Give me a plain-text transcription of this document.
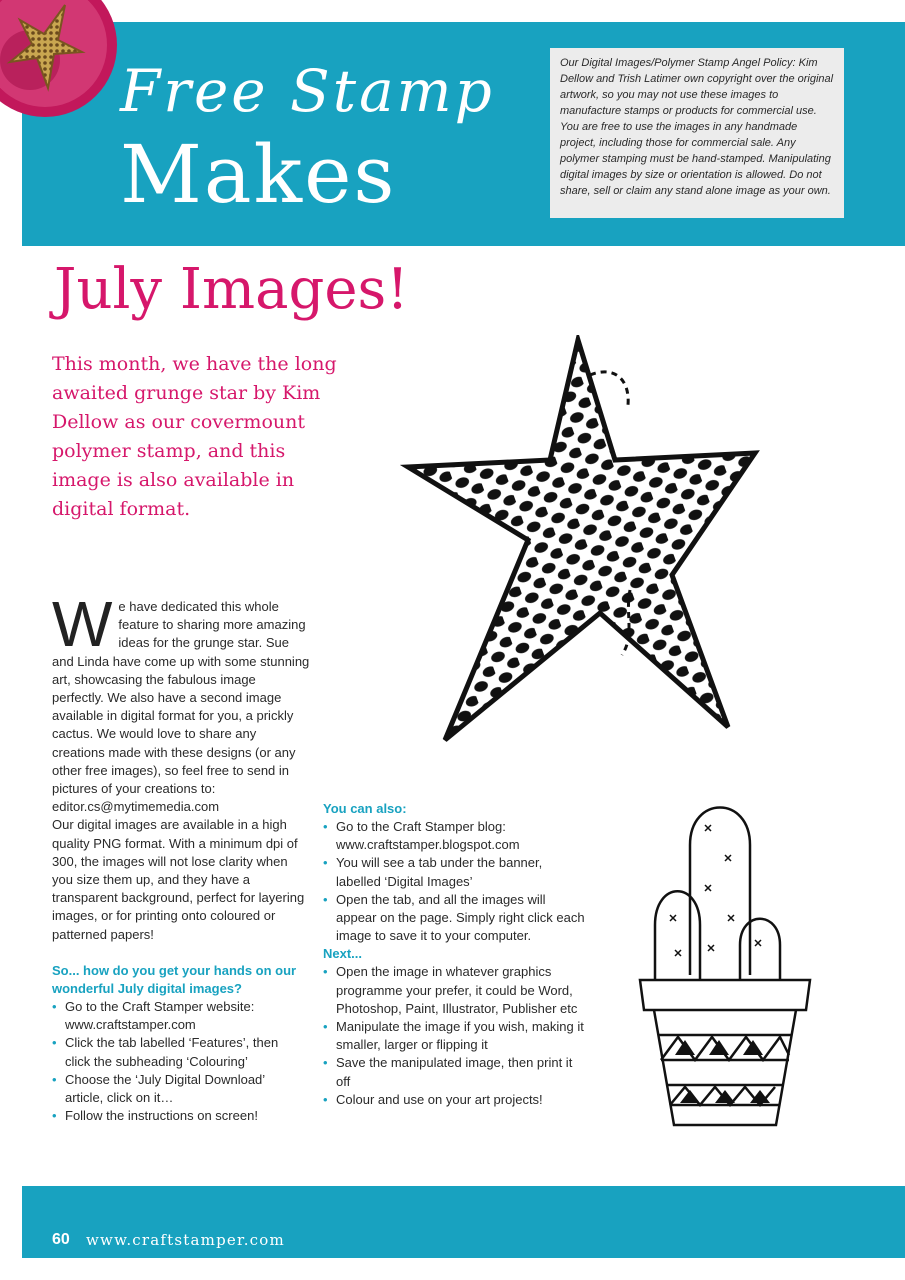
Free Stamp
Makes
Our Digital Images/Polymer Stamp Angel Policy: Kim Dellow and Trish Latimer own copyright over the original artwork, so you may not use these images to manufacture stamps or products for commercial use. You are free to use the images in any handmade project, including those for commercial sale. Any polymer stamping must be hand-stamped. Manipulating digital images by size or orientation is allowed. Do not share, sell or claim any stand alone image as your own.
July Images!
This month, we have the long awaited grunge star by Kim Dellow as our covermount polymer stamp, and this image is also available in digital format.
W e have dedicated this whole feature to sharing more amazing ideas for the grunge star. Sue and Linda have come up with some stunning art, showcasing the fabulous image perfectly. We also have a second image available in digital format for you, a prickly cactus. We would love to share any creations made with these designs (or any other free images), so feel free to send in pictures of your creations to: editor.cs@mytimemedia.com

Our digital images are available in a high quality PNG format. With a minimum dpi of 300, the images will not lose clarity when you size them up, and they have a transparent background, perfect for layering images, or for printing onto coloured or patterned papers!

So... how do you get your hands on our wonderful July digital images?
• Go to the Craft Stamper website: www.craftstamper.com
• Click the tab labelled ‘Features’, then click the subheading ‘Colouring’
• Choose the ‘July Digital Download’ article, click on it…
• Follow the instructions on screen!
You can also:
• Go to the Craft Stamper blog: www.craftstamper.blogspot.com
• You will see a tab under the banner, labelled ‘Digital Images’
• Open the tab, and all the images will appear on the page. Simply right click each image to save it to your computer.
Next...
• Open the image in whatever graphics programme your prefer, it could be Word, Photoshop, Paint, Illustrator, Publisher etc
• Manipulate the image if you wish, making it smaller, larger or flipping it
• Save the manipulated image, then print it off
• Colour and use on your art projects!
60 www.craftstamper.com
